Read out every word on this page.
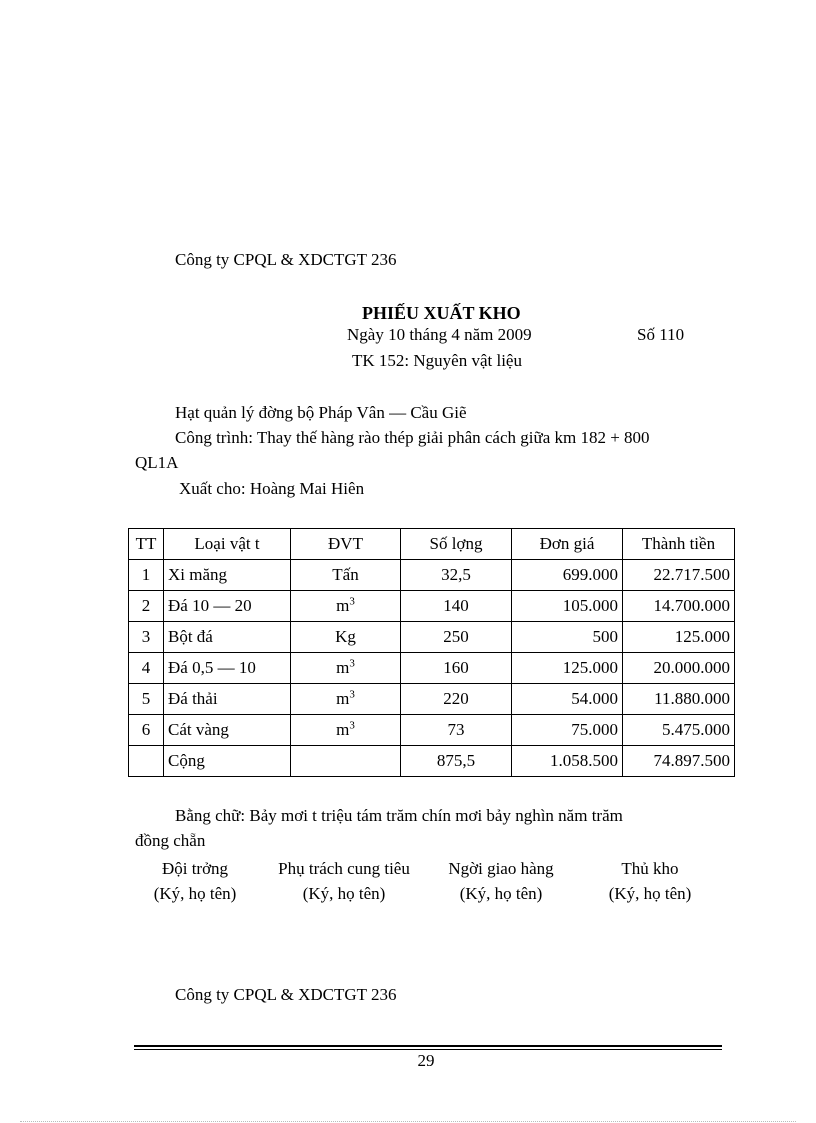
Công ty CPQL & XDCTGT 236
PHIẾU XUẤT KHO
Ngày 10 tháng 4 năm 2009	Số 110
TK 152: Nguyên vật liệu
Hạt quản lý đờng bộ Pháp Vân — Cầu Giẽ
Công trình: Thay thế hàng rào thép giải phân cách giữa km 182 + 800
QL1A
Xuất cho: Hoàng Mai Hiên
TT	Loại vật t	ĐVT	Số lợng	Đơn giá	Thành tiền
1	Xi măng	Tấn	32,5	699.000	22.717.500
2	Đá 10 — 20	$m^3$	140	105.000	14.700.000
3	Bột đá	Kg	250	500	125.000
4	Đá 0,5 — 10	$m^3$	160	125.000	20.000.000
5	Đá thải	$m^3$	220	54.000	11.880.000
6	Cát vàng	$m^3$	73	75.000	5.475.000
	Cộng		875,5	1.058.500	74.897.500
Bằng chữ: Bảy mơi t triệu tám trăm chín mơi bảy nghìn năm trăm
đồng chẵn
Đội trởng
(Ký, họ tên)
Phụ trách cung tiêu
(Ký, họ tên)
Ngời giao hàng
(Ký, họ tên)
Thủ kho
(Ký, họ tên)
Công ty CPQL & XDCTGT 236
29
